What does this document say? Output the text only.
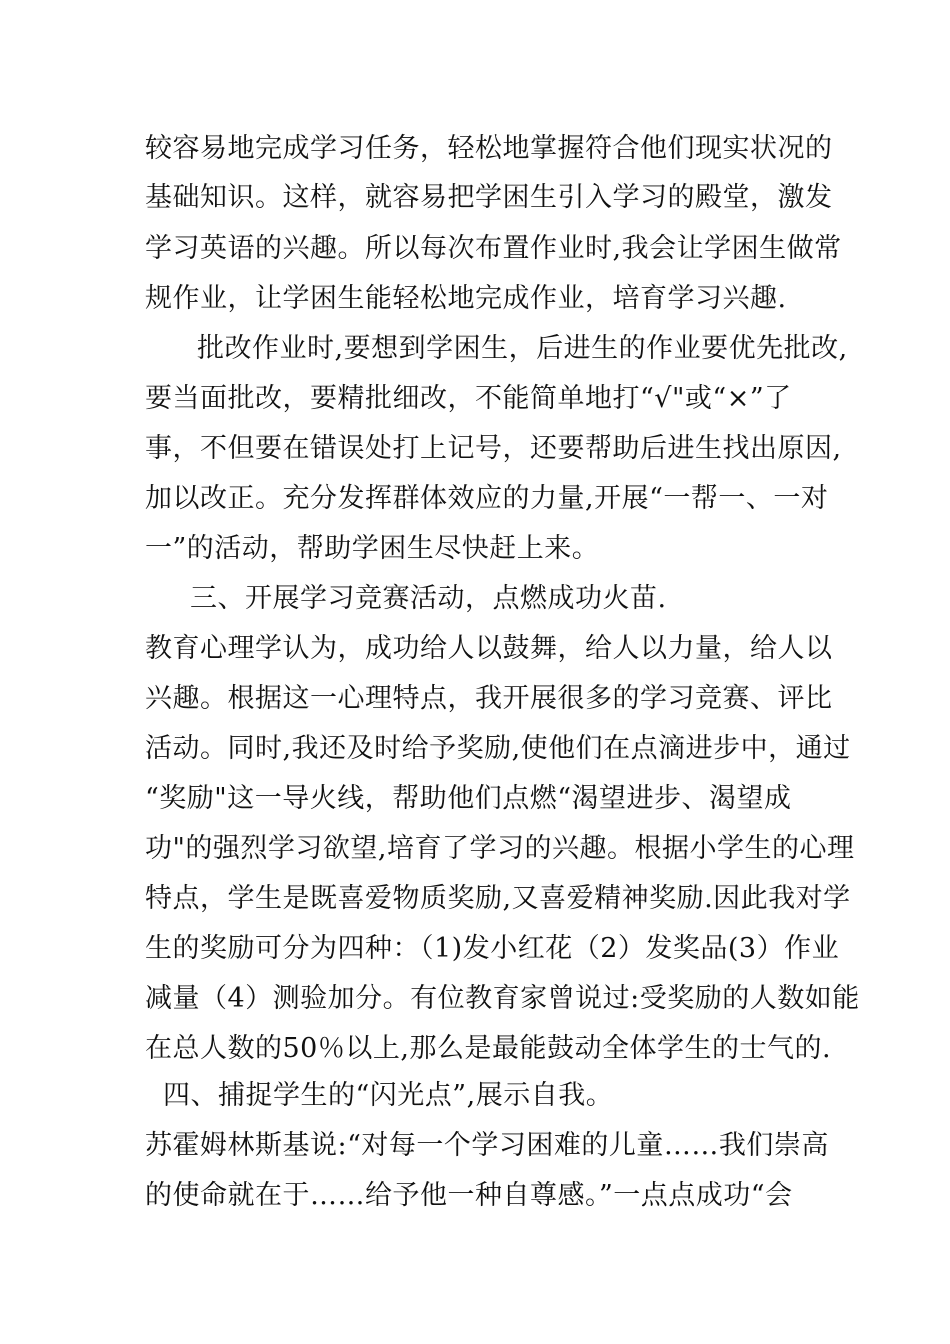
较容易地完成学习任务，轻松地掌握符合他们现实状况的
基础知识。这样，就容易把学困生引入学习的殿堂，激发
学习英语的兴趣。所以每次布置作业时,我会让学困生做常
规作业，让学困生能轻松地完成作业，培育学习兴趣.
批改作业时,要想到学困生，后进生的作业要优先批改,
要当面批改，要精批细改，不能简单地打“√"或“×”了
事，不但要在错误处打上记号，还要帮助后进生找出原因,
加以改正。充分发挥群体效应的力量,开展“一帮一、一对
一”的活动，帮助学困生尽快赶上来。
三、开展学习竞赛活动，点燃成功火苗.
教育心理学认为，成功给人以鼓舞，给人以力量，给人以
兴趣。根据这一心理特点，我开展很多的学习竞赛、评比
活动。同时,我还及时给予奖励,使他们在点滴进步中，通过
“奖励"这一导火线，帮助他们点燃“渴望进步、渴望成
功"的强烈学习欲望,培育了学习的兴趣。根据小学生的心理
特点，学生是既喜爱物质奖励,又喜爱精神奖励.因此我对学
生的奖励可分为四种：（1)发小红花（2）发奖品(3）作业
减量（4）测验加分。有位教育家曾说过:受奖励的人数如能
在总人数的50％以上,那么是最能鼓动全体学生的士气的.
四、捕捉学生的“闪光点”,展示自我。
苏霍姆林斯基说:“对每一个学习困难的儿童……我们崇高
的使命就在于……给予他一种自尊感。”一点点成功“会
